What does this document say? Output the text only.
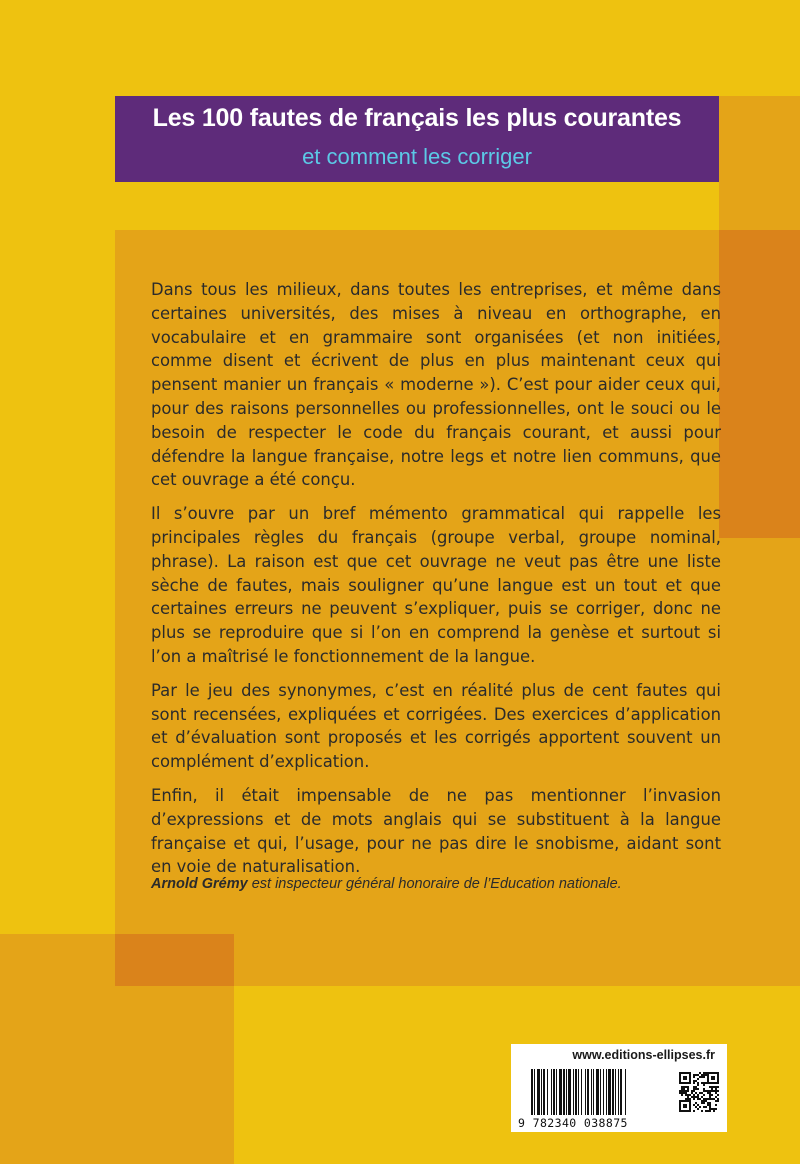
Les 100 fautes de français les plus courantes
et comment les corriger

Dans tous les milieux, dans toutes les entreprises, et même dans certaines universités, des mises à niveau en orthographe, en vocabulaire et en grammaire sont organisées (et non initiées, comme disent et écrivent de plus en plus maintenant ceux qui pensent manier un français « moderne »). C’est pour aider ceux qui, pour des raisons personnelles ou professionnelles, ont le souci ou le besoin de respecter le code du français courant, et aussi pour défendre la langue française, notre legs et notre lien communs, que cet ouvrage a été conçu.

Il s’ouvre par un bref mémento grammatical qui rappelle les principales règles du français (groupe verbal, groupe nominal, phrase). La raison est que cet ouvrage ne veut pas être une liste sèche de fautes, mais souligner qu’une langue est un tout et que certaines erreurs ne peuvent s’expliquer, puis se corriger, donc ne plus se reproduire que si l’on en comprend la genèse et surtout si l’on a maîtrisé le fonctionnement de la langue.

Par le jeu des synonymes, c’est en réalité plus de cent fautes qui sont recensées, expliquées et corrigées. Des exercices d’application et d’évaluation sont proposés et les corrigés apportent souvent un complément d’explication.

Enfin, il était impensable de ne pas mentionner l’invasion d’expressions et de mots anglais qui se substituent à la langue française et qui, l’usage, pour ne pas dire le snobisme, aidant sont en voie de naturalisation.

Arnold Grémy est inspecteur général honoraire de l’Education nationale.
www.editions-ellipses.fr
9 782340 038875
